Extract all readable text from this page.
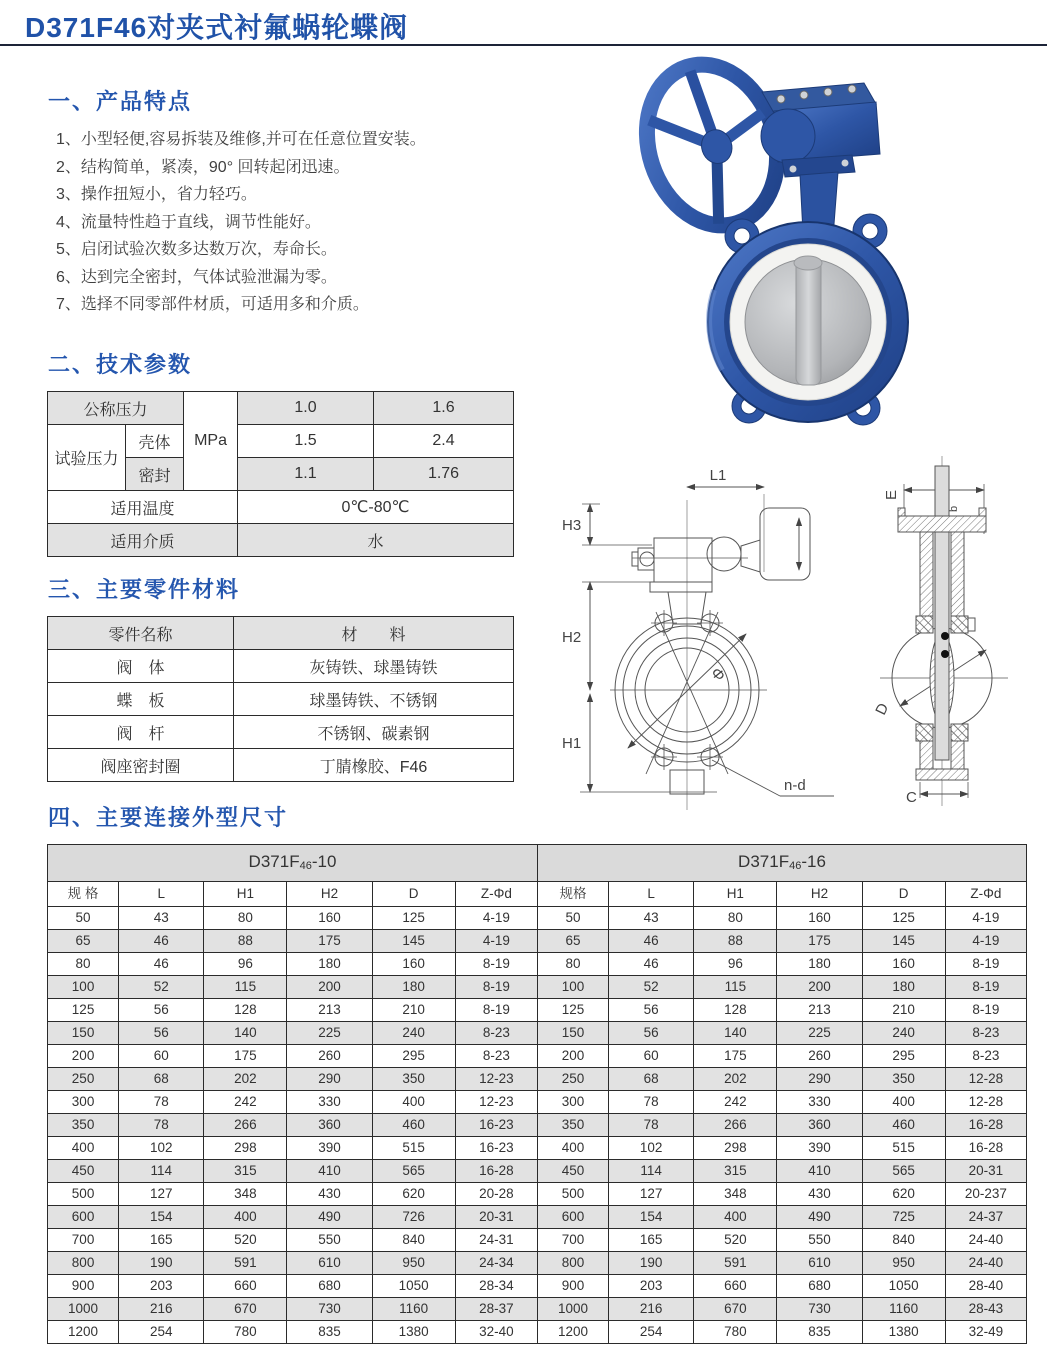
D371F46对夹式衬氟蜗轮蝶阀
一、产品特点
1、小型轻便,容易拆装及维修,并可在任意位置安装。
2、结构简单，紧凑，90° 回转起闭迅速。
3、操作扭短小，省力轻巧。
4、流量特性趋于直线，调节性能好。
5、启闭试验次数多达数万次，寿命长。
6、达到完全密封，气体试验泄漏为零。
7、选择不同零部件材质，可适用多和介质。
二、技术参数
公称压力		MPa	1.0	1.6
试验压力	壳体		1.5	2.4
	密封		1.1	1.76
适用温度			0℃-80℃	
适用介质			水	
三、主要零件材料
零件名称	材　　料
阀　体	灰铸铁、球墨铸铁
蝶　板	球墨铸铁、不锈钢
阀　杆	不锈钢、碳素钢
阀座密封圈	丁腈橡胶、F46
四、主要连接外型尺寸
D371F46-10						D371F46-16					
规 格	L	H1	H2	D	Z-Φd	规格	L	H1	H2	D	Z-Φd
50	43	80	160	125	4-19	50	43	80	160	125	4-19
65	46	88	175	145	4-19	65	46	88	175	145	4-19
80	46	96	180	160	8-19	80	46	96	180	160	8-19
100	52	115	200	180	8-19	100	52	115	200	180	8-19
125	56	128	213	210	8-19	125	56	128	213	210	8-19
150	56	140	225	240	8-23	150	56	140	225	240	8-23
200	60	175	260	295	8-23	200	60	175	260	295	8-23
250	68	202	290	350	12-23	250	68	202	290	350	12-28
300	78	242	330	400	12-23	300	78	242	330	400	12-28
350	78	266	360	460	16-23	350	78	266	360	460	16-28
400	102	298	390	515	16-23	400	102	298	390	515	16-28
450	114	315	410	565	16-28	450	114	315	410	565	20-31
500	127	348	430	620	20-28	500	127	348	430	620	20-237
600	154	400	490	726	20-31	600	154	400	490	725	24-37
700	165	520	550	840	24-31	700	165	520	550	840	24-40
800	190	591	610	950	24-34	800	190	591	610	950	24-40
900	203	660	680	1050	28-34	900	203	660	680	1050	28-40
1000	216	670	730	1160	28-37	1000	216	670	730	1160	28-43
1200	254	780	835	1380	32-40	1200	254	780	835	1380	32-49
L1
H3
H2
H1
Φ
n-d
E
b
D
C
